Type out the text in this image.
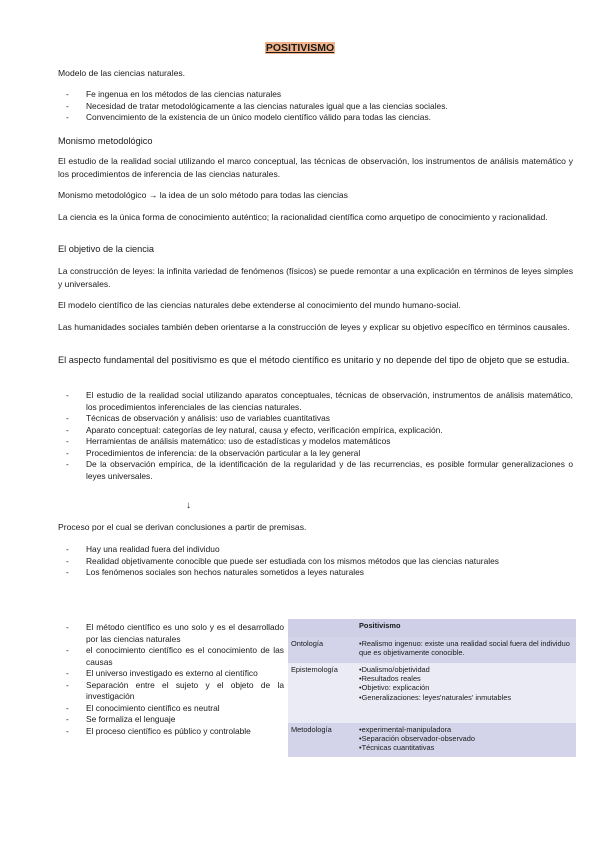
POSITIVISMO
Modelo de las ciencias naturales.
- Fe ingenua en los métodos de las ciencias naturales
- Necesidad de tratar metodológicamente a las ciencias naturales igual que a las ciencias sociales.
- Convencimiento de la existencia de un único modelo científico válido para todas las ciencias.
Monismo metodológico
El estudio de la realidad social utilizando el marco conceptual, las técnicas de observación, los instrumentos de análisis matemático y los procedimientos de inferencia de las ciencias naturales.
Monismo metodológico → la idea de un solo método para todas las ciencias
La ciencia es la única forma de conocimiento auténtico; la racionalidad científica como arquetipo de conocimiento y racionalidad.
El objetivo de la ciencia
La construcción de leyes: la infinita variedad de fenómenos (físicos) se puede remontar a una explicación en términos de leyes simples y universales.
El modelo científico de las ciencias naturales debe extenderse al conocimiento del mundo humano-social.
Las humanidades sociales también deben orientarse a la construcción de leyes y explicar su objetivo específico en términos causales.
El aspecto fundamental del positivismo es que el método científico es unitario y no depende del tipo de objeto que se estudia.
- El estudio de la realidad social utilizando aparatos conceptuales, técnicas de observación, instrumentos de análisis matemático, los procedimientos inferenciales de las ciencias naturales.
- Técnicas de observación y análisis: uso de variables cuantitativas
- Aparato conceptual: categorías de ley natural, causa y efecto, verificación empírica, explicación.
- Herramientas de análisis matemático: uso de estadísticas y modelos matemáticos
- Procedimientos de inferencia: de la observación particular a la ley general
- De la observación empírica, de la identificación de la regularidad y de las recurrencias, es posible formular generalizaciones o leyes universales.
↓
Proceso por el cual se derivan conclusiones a partir de premisas.
- Hay una realidad fuera del individuo
- Realidad objetivamente conocible que puede ser estudiada con los mismos métodos que las ciencias naturales
- Los fenómenos sociales son hechos naturales sometidos a leyes naturales
- El método científico es uno solo y es el desarrollado por las ciencias naturales
- el conocimiento científico es el conocimiento de las causas
- El universo investigado es externo al científico
- Separación entre el sujeto y el objeto de la investigación
- El conocimiento científico es neutral
- Se formaliza el lenguaje
- El proceso científico es público y controlable
	Positivismo
Ontología	•Realismo ingenuo: existe una realidad social fuera del individuo que es objetivamente conocible.

Epistemología	•Dualismo/objetividad
•Resultados reales
•Objetivo: explicación
•Generalizaciones: leyes'naturales' inmutables

Metodología	•experimental-manipuladora
•Separación observador-observado
•Técnicas cuantitativas
